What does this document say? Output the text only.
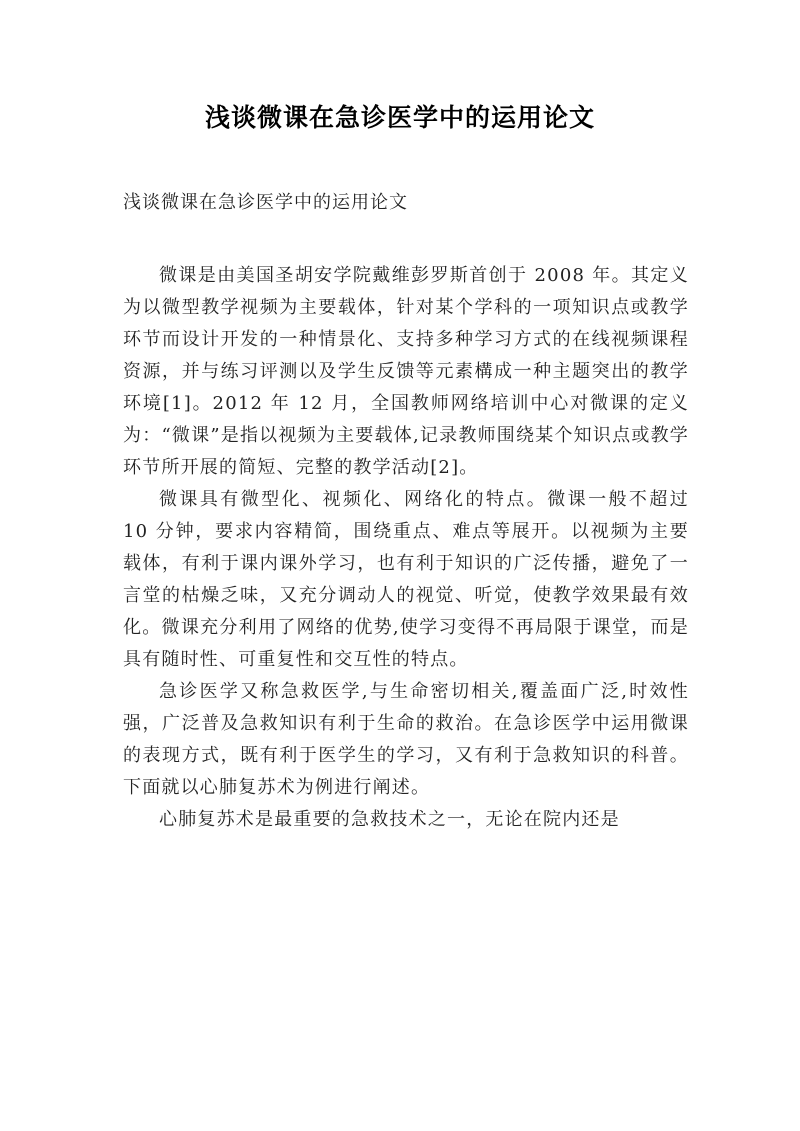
浅谈微课在急诊医学中的运用论文
浅谈微课在急诊医学中的运用论文

微课是由美国圣胡安学院戴维彭罗斯首创于 2008 年。其定义为以微型教学视频为主要载体，针对某个学科的一项知识点或教学环节而设计开发的一种情景化、支持多种学习方式的在线视频课程资源，并与练习评测以及学生反馈等元素構成一种主题突出的教学环境[1]。2012 年 12 月，全国教师网络培训中心对微课的定义为：“微课”是指以视频为主要载体,记录教师围绕某个知识点或教学环节所开展的简短、完整的教学活动[2]。

微课具有微型化、视频化、网络化的特点。微课一般不超过 10 分钟，要求内容精简，围绕重点、难点等展开。以视频为主要载体，有利于课内课外学习，也有利于知识的广泛传播，避免了一言堂的枯燥乏味，又充分调动人的视觉、听觉，使教学效果最有效化。微课充分利用了网络的优势,使学习变得不再局限于课堂，而是具有随时性、可重复性和交互性的特点。

急诊医学又称急救医学,与生命密切相关,覆盖面广泛,时效性强，广泛普及急救知识有利于生命的救治。在急诊医学中运用微课的表现方式，既有利于医学生的学习，又有利于急救知识的科普。下面就以心肺复苏术为例进行阐述。

心肺复苏术是最重要的急救技术之一，无论在院内还是
